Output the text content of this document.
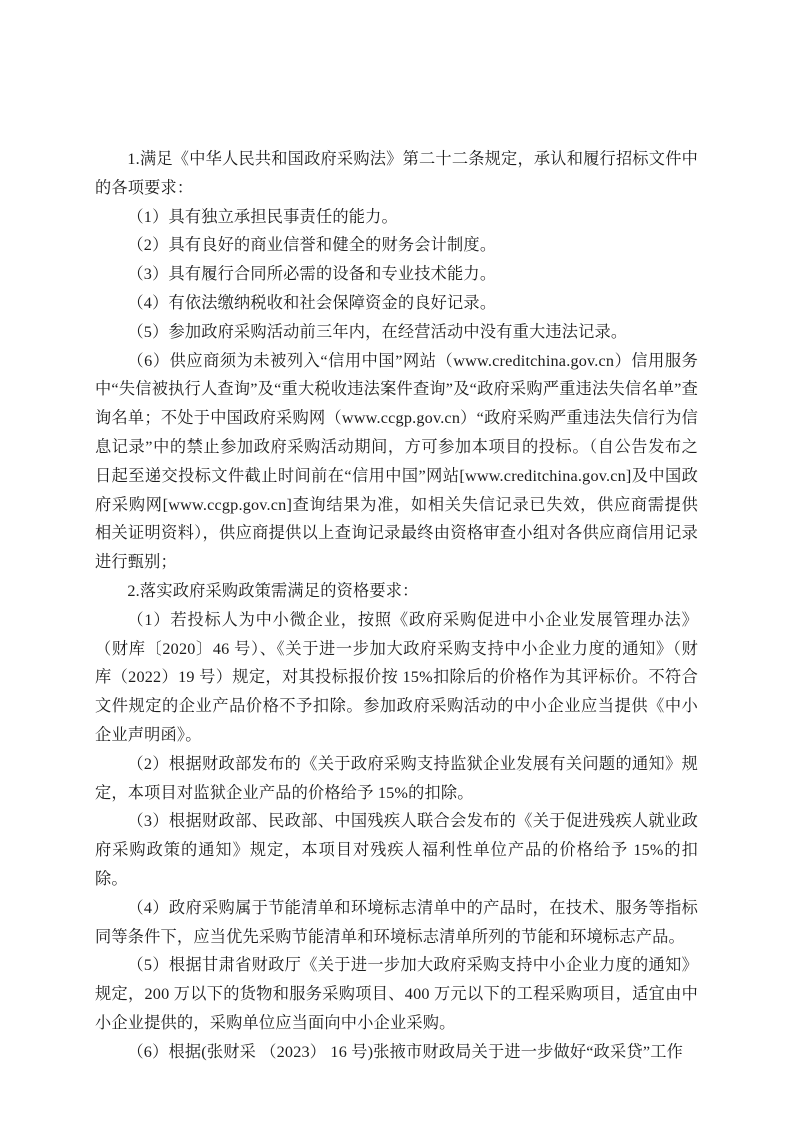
1.满足《中华人民共和国政府采购法》第二十二条规定，承认和履行招标文件中的各项要求：

（1）具有独立承担民事责任的能力。

（2）具有良好的商业信誉和健全的财务会计制度。

（3）具有履行合同所必需的设备和专业技术能力。

（4）有依法缴纳税收和社会保障资金的良好记录。

（5）参加政府采购活动前三年内，在经营活动中没有重大违法记录。

（6）供应商须为未被列入“信用中国”网站（www.creditchina.gov.cn）信用服务中“失信被执行人查询”及“重大税收违法案件查询”及“政府采购严重违法失信名单”查询名单；不处于中国政府采购网（www.ccgp.gov.cn）“政府采购严重违法失信行为信息记录”中的禁止参加政府采购活动期间，方可参加本项目的投标。（自公告发布之日起至递交投标文件截止时间前在“信用中国”网站[www.creditchina.gov.cn]及中国政府采购网[www.ccgp.gov.cn]查询结果为准，如相关失信记录已失效，供应商需提供相关证明资料），供应商提供以上查询记录最终由资格审查小组对各供应商信用记录进行甄别；

2.落实政府采购政策需满足的资格要求：

（1）若投标人为中小微企业，按照《政府采购促进中小企业发展管理办法》（财库〔2020〕46 号）、《关于进一步加大政府采购支持中小企业力度的通知》（财库（2022）19 号）规定，对其投标报价按 15%扣除后的价格作为其评标价。不符合文件规定的企业产品价格不予扣除。参加政府采购活动的中小企业应当提供《中小企业声明函》。

（2）根据财政部发布的《关于政府采购支持监狱企业发展有关问题的通知》规定，本项目对监狱企业产品的价格给予 15%的扣除。

（3）根据财政部、民政部、中国残疾人联合会发布的《关于促进残疾人就业政府采购政策的通知》规定，本项目对残疾人福利性单位产品的价格给予 15%的扣除。

（4）政府采购属于节能清单和环境标志清单中的产品时，在技术、服务等指标同等条件下，应当优先采购节能清单和环境标志清单所列的节能和环境标志产品。

（5）根据甘肃省财政厅《关于进一步加大政府采购支持中小企业力度的通知》规定，200 万以下的货物和服务采购项目、400 万元以下的工程采购项目，适宜由中小企业提供的，采购单位应当面向中小企业采购。

（6）根据(张财采 （2023） 16 号)张掖市财政局关于进一步做好“政采贷”工作
